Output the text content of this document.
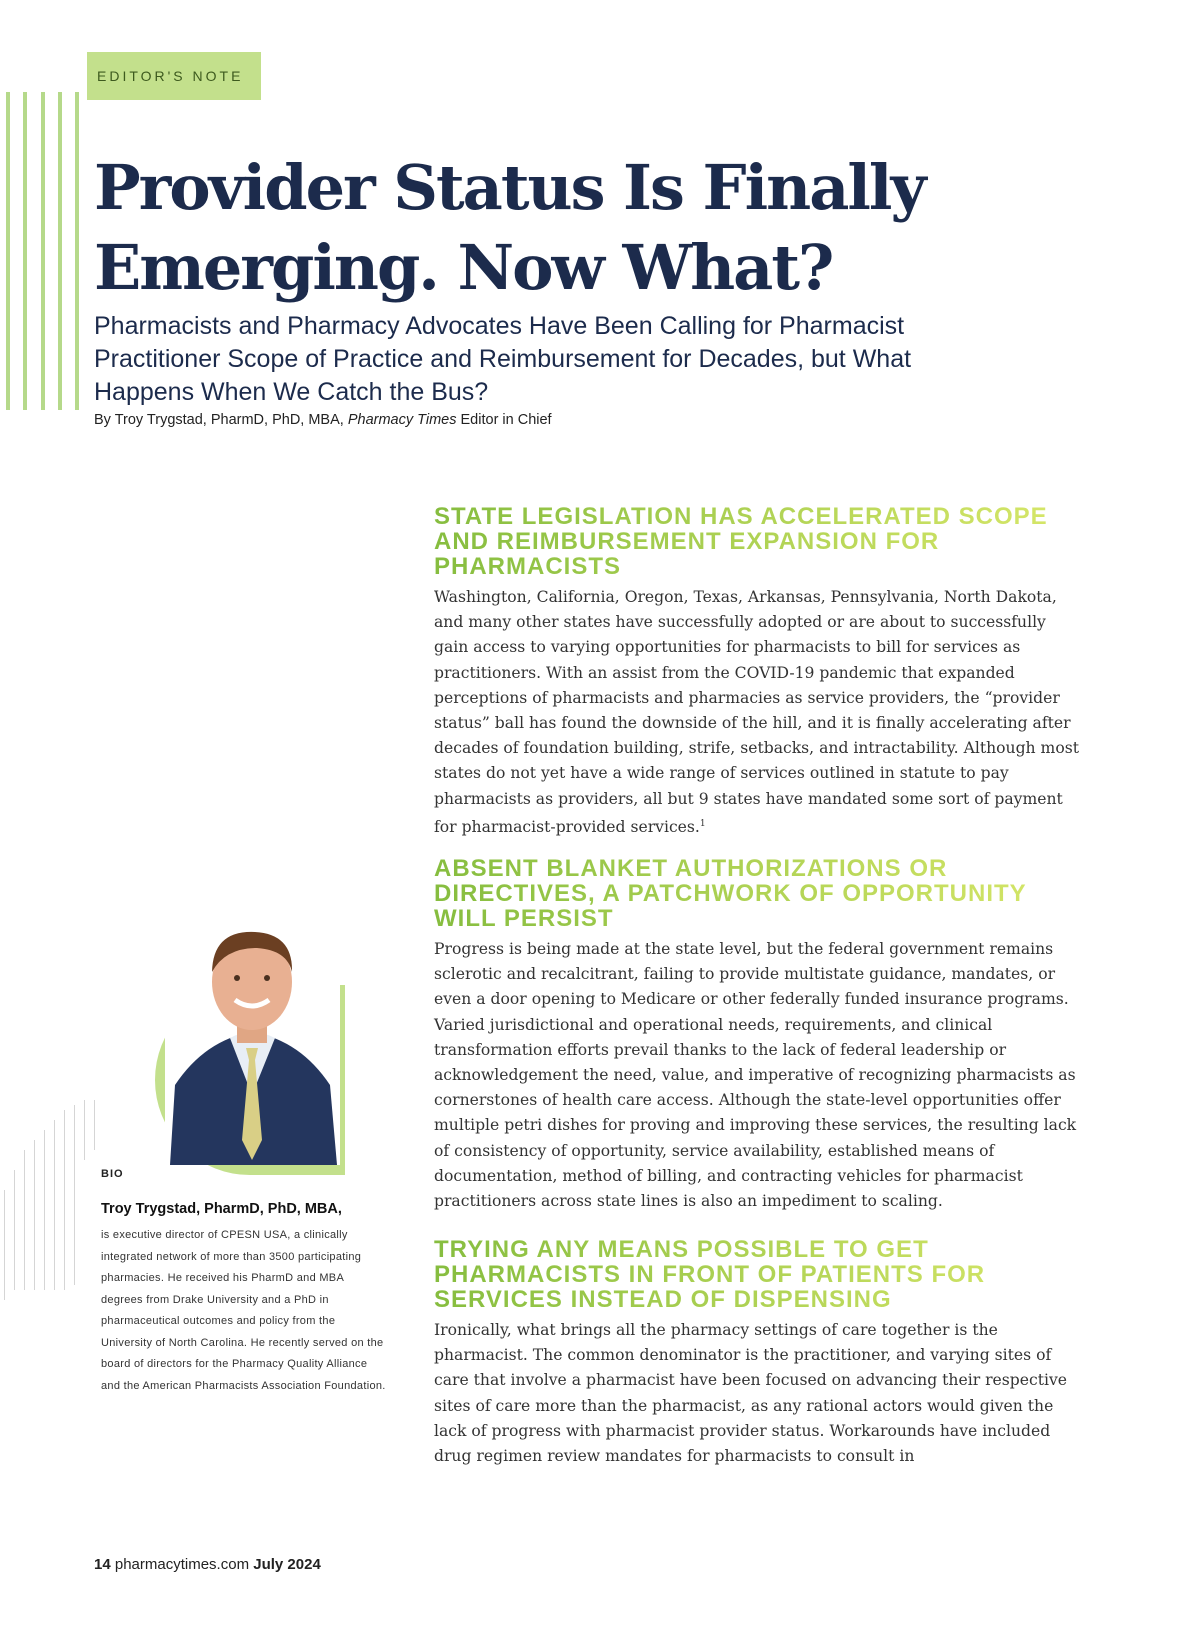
EDITOR'S NOTE
Provider Status Is Finally Emerging. Now What?
Pharmacists and Pharmacy Advocates Have Been Calling for Pharmacist Practitioner Scope of Practice and Reimbursement for Decades, but What Happens When We Catch the Bus?
By Troy Trygstad, PharmD, PhD, MBA, Pharmacy Times Editor in Chief
STATE LEGISLATION HAS ACCELERATED SCOPE AND REIMBURSEMENT EXPANSION FOR PHARMACISTS

Washington, California, Oregon, Texas, Arkansas, Pennsylvania, North Dakota, and many other states have successfully adopted or are about to successfully gain access to varying opportunities for pharmacists to bill for services as practitioners. With an assist from the COVID-19 pandemic that expanded perceptions of pharmacists and pharmacies as service providers, the “provider status” ball has found the downside of the hill, and it is finally accelerating after decades of foundation building, strife, setbacks, and intractability. Although most states do not yet have a wide range of services outlined in statute to pay pharmacists as providers, all but 9 states have mandated some sort of payment for pharmacist-provided services.$^1$

ABSENT BLANKET AUTHORIZATIONS OR DIRECTIVES, A PATCHWORK OF OPPORTUNITY WILL PERSIST

Progress is being made at the state level, but the federal government remains sclerotic and recalcitrant, failing to provide multistate guidance, mandates, or even a door opening to Medicare or other federally funded insurance programs. Varied jurisdictional and operational needs, requirements, and clinical transformation efforts prevail thanks to the lack of federal leadership or acknowledgement the need, value, and imperative of recognizing pharmacists as cornerstones of health care access. Although the state-level opportunities offer multiple petri dishes for proving and improving these services, the resulting lack of consistency of opportunity, service availability, established means of documentation, method of billing, and contracting vehicles for pharmacist practitioners across state lines is also an impediment to scaling.

TRYING ANY MEANS POSSIBLE TO GET PHARMACISTS IN FRONT OF PATIENTS FOR SERVICES INSTEAD OF DISPENSING

Ironically, what brings all the pharmacy settings of care together is the pharmacist. The common denominator is the practitioner, and varying sites of care that involve a pharmacist have been focused on advancing their respective sites of care more than the pharmacist, as any rational actors would given the lack of progress with pharmacist provider status. Workarounds have included drug regimen review mandates for pharmacists to consult in

BIO
Troy Trygstad, PharmD, PhD, MBA,

is executive director of CPESN USA, a clinically integrated network of more than 3500 participating pharmacies. He received his PharmD and MBA degrees from Drake University and a PhD in pharmaceutical outcomes and policy from the University of North Carolina. He recently served on the board of directors for the Pharmacy Quality Alliance and the American Pharmacists Association Foundation.

14 pharmacytimes.com July 2024
